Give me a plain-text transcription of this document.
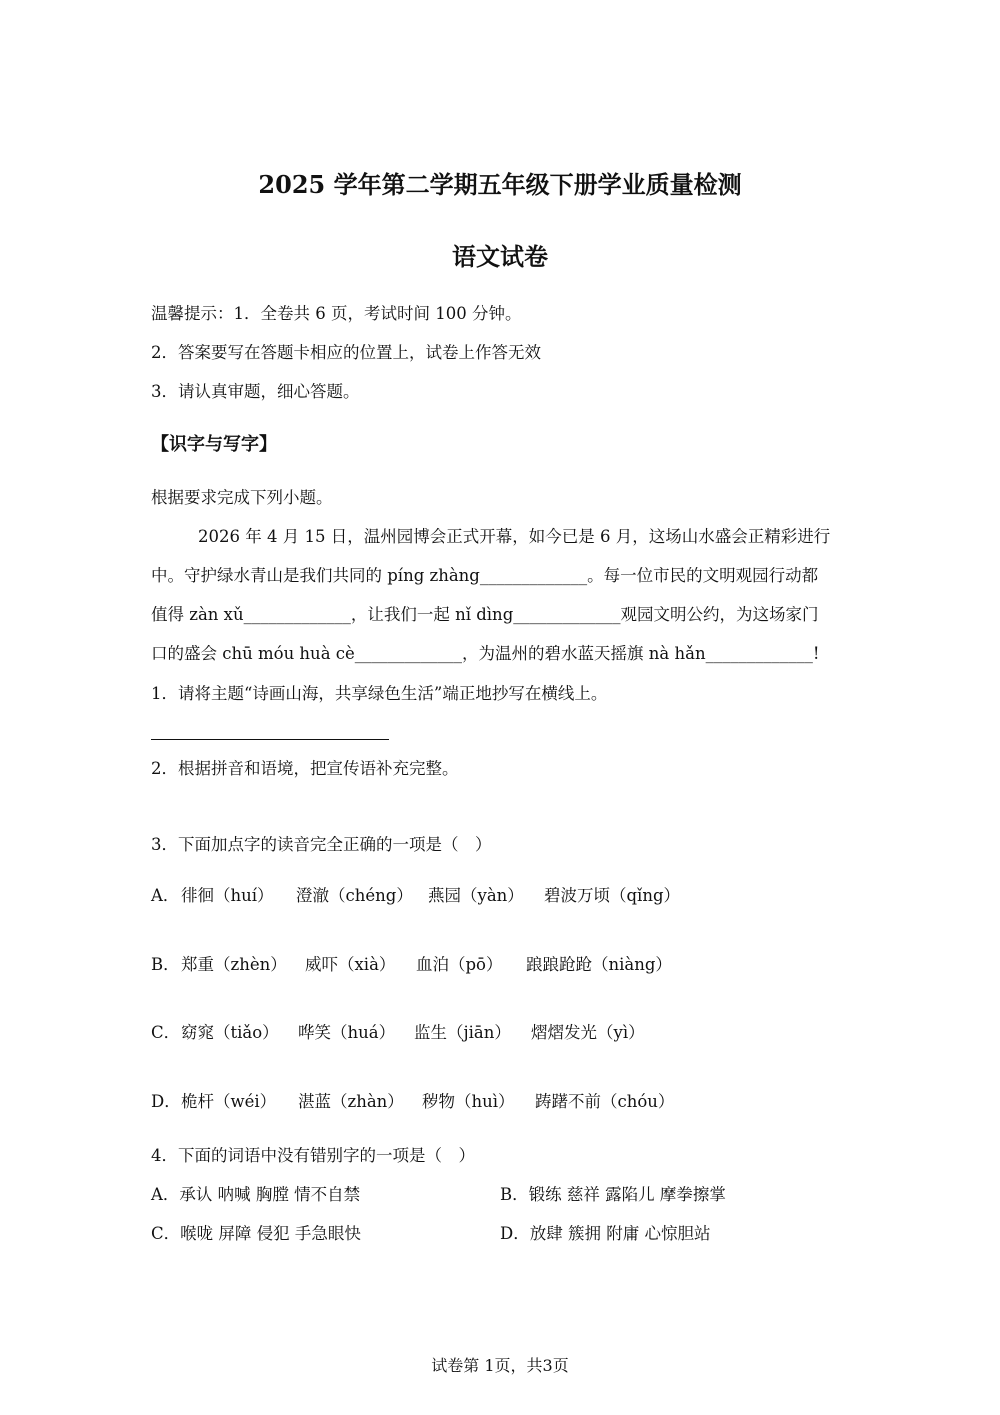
2025 学年第二学期五年级下册学业质量检测
语文试卷
温馨提示：1．全卷共 6 页，考试时间 100 分钟。
2．答案要写在答题卡相应的位置上，试卷上作答无效
3．请认真审题，细心答题。
【识字与写字】
根据要求完成下列小题。
2026 年 4 月 15 日，温州园博会正式开幕，如今已是 6 月，这场山水盛会正精彩进行
中。守护绿水青山是我们共同的 píng zhàng_____________。每一位市民的文明观园行动都
值得 zàn xǔ_____________，让我们一起 nǐ dìng_____________观园文明公约，为这场家门
口的盛会 chū móu huà cè_____________，为温州的碧水蓝天摇旗 nà hǎn_____________!
1．请将主题“诗画山海，共享绿色生活”端正地抄写在横线上。
2．根据拼音和语境，把宣传语补充完整。
3．下面加点字的读音完全正确的一项是（　）
A． 徘徊（huí） 澄澈（chéng） 燕园（yàn） 碧波万顷（qǐng）
B． 郑重（zhèn） 威吓（xià） 血泊（pō） 踉踉跄跄（niàng）
C． 窈窕（tiǎo） 哗笑（huá） 监生（jiān） 熠熠发光（yì）
D． 桅杆（wéi） 湛蓝（zhàn） 秽物（huì） 踌躇不前（chóu）
4．下面的词语中没有错别字的一项是（　）
A．承认 呐喊 胸膛 情不自禁	B．锻练 慈祥 露陷儿 摩拳擦掌
C．喉咙 屏障 侵犯 手急眼快	D．放肆 簇拥 附庸 心惊胆站
试卷第 1页，共3页
